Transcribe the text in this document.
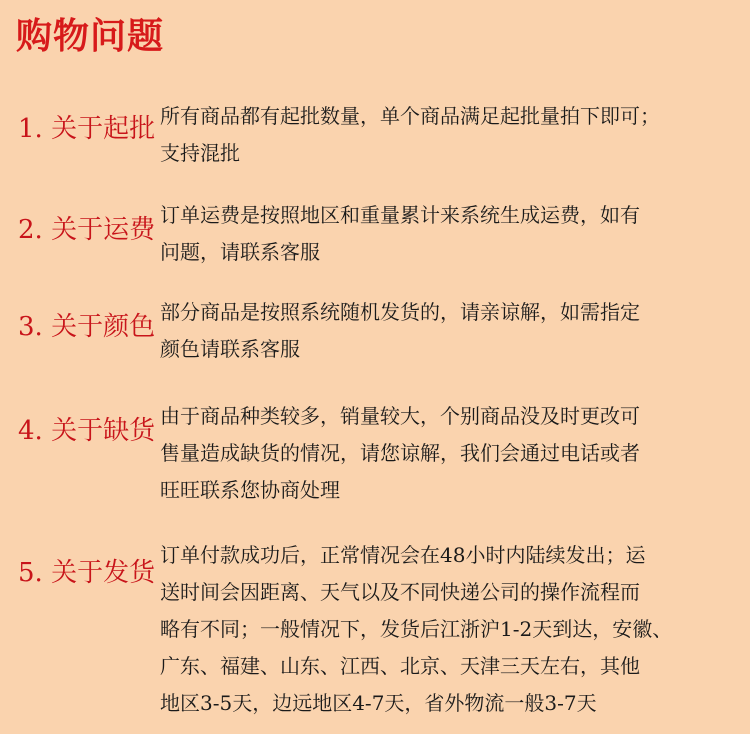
购物问题
1. 关于起批 所有商品都有起批数量，单个商品满足起批量拍下即可；
支持混批

2. 关于运费 订单运费是按照地区和重量累计来系统生成运费，如有
问题，请联系客服

3. 关于颜色 部分商品是按照系统随机发货的，请亲谅解，如需指定
颜色请联系客服

4. 关于缺货 由于商品种类较多，销量较大，个别商品没及时更改可
售量造成缺货的情况，请您谅解，我们会通过电话或者
旺旺联系您协商处理

5. 关于发货

订单付款成功后，正常情况会在48小时内陆续发出；运
送时间会因距离、天气以及不同快递公司的操作流程而
略有不同；一般情况下，发货后江浙沪1-2天到达，安徽、
广东、福建、山东、江西、北京、天津三天左右，其他
地区3-5天，边远地区4-7天，省外物流一般3-7天
